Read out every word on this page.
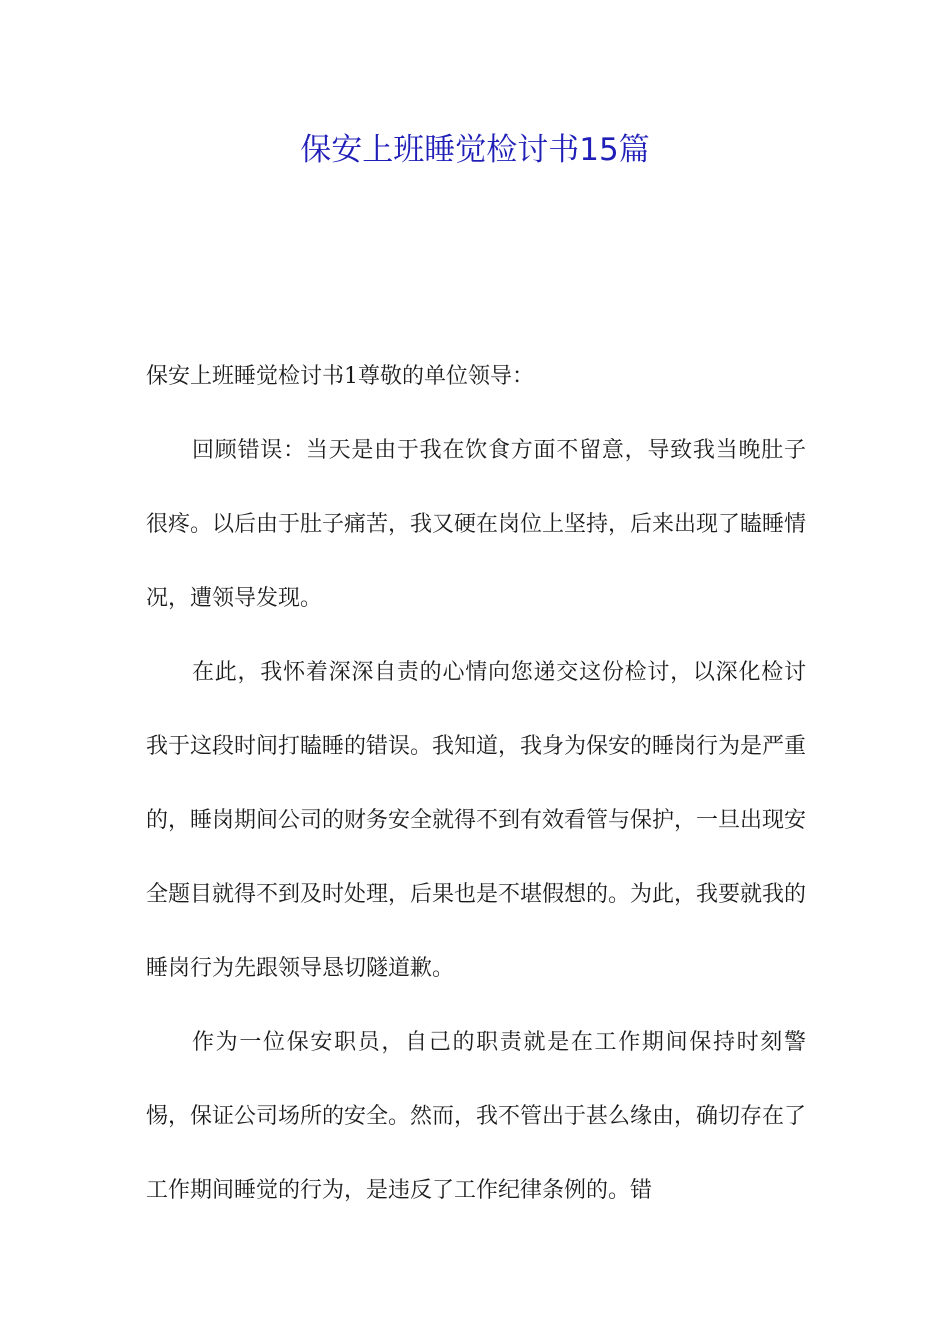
保安上班睡觉检讨书15篇

保安上班睡觉检讨书1尊敬的单位领导：

回顾错误：当天是由于我在饮食方面不留意，导致我当晚肚子很疼。以后由于肚子痛苦，我又硬在岗位上坚持，后来出现了瞌睡情况，遭领导发现。

在此，我怀着深深自责的心情向您递交这份检讨，以深化检讨我于这段时间打瞌睡的错误。我知道，我身为保安的睡岗行为是严重的，睡岗期间公司的财务安全就得不到有效看管与保护，一旦出现安全题目就得不到及时处理，后果也是不堪假想的。为此，我要就我的睡岗行为先跟领导恳切隧道歉。

作为一位保安职员，自己的职责就是在工作期间保持时刻警惕，保证公司场所的安全。然而，我不管出于甚么缘由，确切存在了工作期间睡觉的行为，是违反了工作纪律条例的。错
